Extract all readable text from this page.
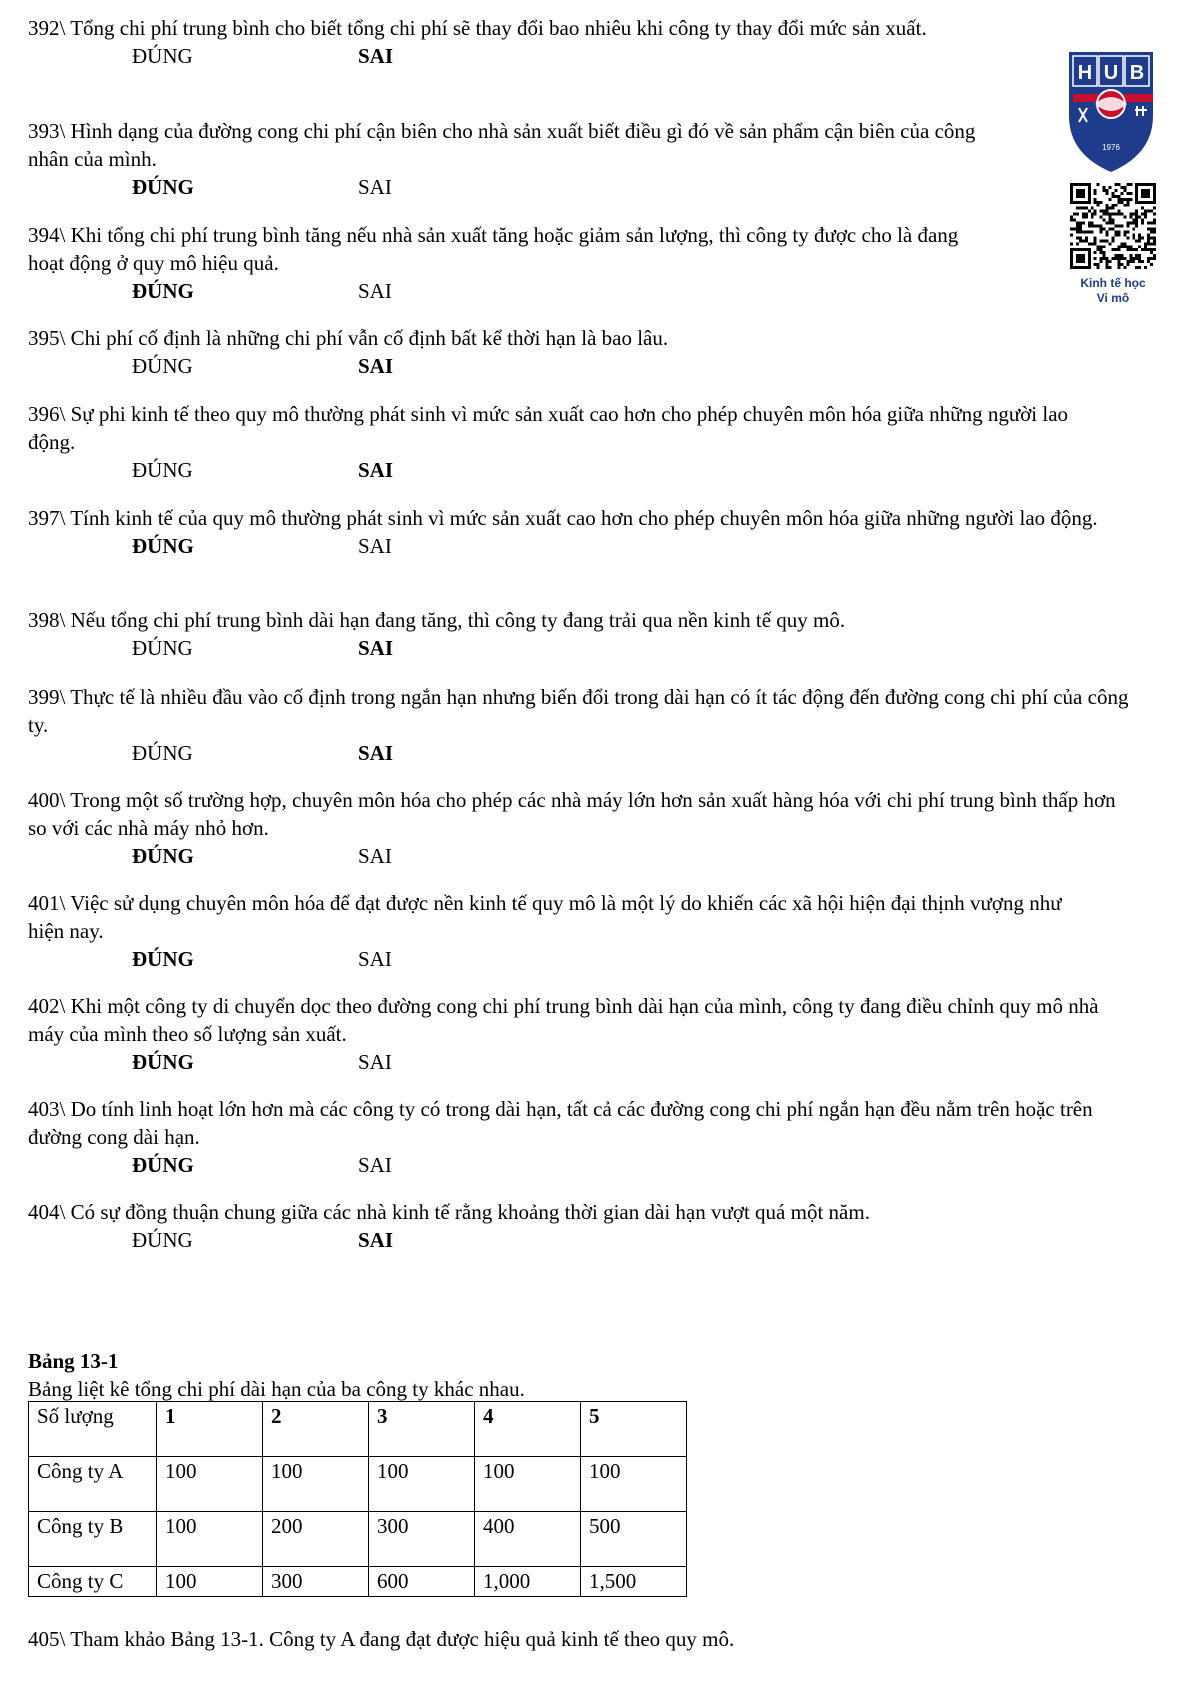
392\ Tổng chi phí trung bình cho biết tổng chi phí sẽ thay đổi bao nhiêu khi công ty thay đổi mức sản xuất.

ĐÚNG	SAI

393\ Hình dạng của đường cong chi phí cận biên cho nhà sản xuất biết điều gì đó về sản phẩm cận biên của công nhân của mình.

ĐÚNG	SAI

394\ Khi tổng chi phí trung bình tăng nếu nhà sản xuất tăng hoặc giảm sản lượng, thì công ty được cho là đang hoạt động ở quy mô hiệu quả.

ĐÚNG	SAI

395\ Chi phí cố định là những chi phí vẫn cố định bất kể thời hạn là bao lâu.

ĐÚNG	SAI

396\ Sự phi kinh tế theo quy mô thường phát sinh vì mức sản xuất cao hơn cho phép chuyên môn hóa giữa những người lao động.

ĐÚNG	SAI

397\ Tính kinh tế của quy mô thường phát sinh vì mức sản xuất cao hơn cho phép chuyên môn hóa giữa những người lao động.

ĐÚNG	SAI

398\ Nếu tổng chi phí trung bình dài hạn đang tăng, thì công ty đang trải qua nền kinh tế quy mô.

ĐÚNG	SAI

399\ Thực tế là nhiều đầu vào cố định trong ngắn hạn nhưng biến đổi trong dài hạn có ít tác động đến đường cong chi phí của công ty.

ĐÚNG	SAI

400\ Trong một số trường hợp, chuyên môn hóa cho phép các nhà máy lớn hơn sản xuất hàng hóa với chi phí trung bình thấp hơn so với các nhà máy nhỏ hơn.

ĐÚNG	SAI

401\ Việc sử dụng chuyên môn hóa để đạt được nền kinh tế quy mô là một lý do khiến các xã hội hiện đại thịnh vượng như hiện nay.

ĐÚNG	SAI

402\ Khi một công ty di chuyển dọc theo đường cong chi phí trung bình dài hạn của mình, công ty đang điều chỉnh quy mô nhà máy của mình theo số lượng sản xuất.

ĐÚNG	SAI

403\ Do tính linh hoạt lớn hơn mà các công ty có trong dài hạn, tất cả các đường cong chi phí ngắn hạn đều nằm trên hoặc trên đường cong dài hạn.

ĐÚNG	SAI

404\ Có sự đồng thuận chung giữa các nhà kinh tế rằng khoảng thời gian dài hạn vượt quá một năm.

ĐÚNG	SAI
Bảng 13-1
Bảng liệt kê tổng chi phí dài hạn của ba công ty khác nhau.
Số lượng	1	2	3	4	5
Công ty A	100	100	100	100	100
Công ty B	100	200	300	400	500
Công ty C	100	300	600	1,000	1,500
405\ Tham khảo Bảng 13-1. Công ty A đang đạt được hiệu quả kinh tế theo quy mô.
H U B
1976
Kinh tế học
Vi mô
